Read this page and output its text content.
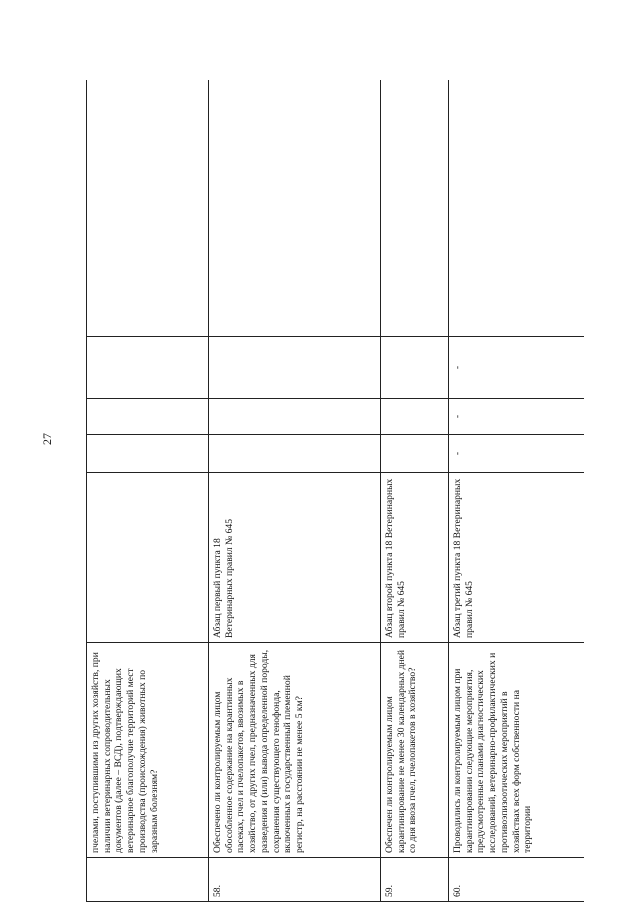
27
	пчелами, поступившими из других хозяйств, при наличии ветеринарных сопроводительных документов (далее – ВСД), подтверждающих ветеринарное благополучие территорий мест производства (происхождения) животных по заразным болезням?					
58.	Обеспечено ли контролируемым лицом обособленное содержание на карантинных пасеках, пчел и пчелопакетов, ввозимых в хозяйство, от других пчел, предназначенных для разведения и (или) вывода определенной породы, сохранения существующего генофонда, включенных в государственный племенной регистр, на расстоянии не менее 5 км?	Абзац первый пункта 18 Ветеринарных правил № 645				
59.	Обеспечен ли контролируемым лицом карантинирование не менее 30 календарных дней со дня ввоза пчел, пчелопакетов в хозяйство?	Абзац второй пункта 18 Ветеринарных правил № 645				
60.	Проводились ли контролируемым лицом при карантинировании следующие мероприятия, предусмотренные планами диагностических исследований, ветеринарно-профилактических и противоэпизоотических мероприятий в хозяйствах всех форм собственности на территории	Абзац третий пункта 18 Ветеринарных правил № 645	-	-	-	
